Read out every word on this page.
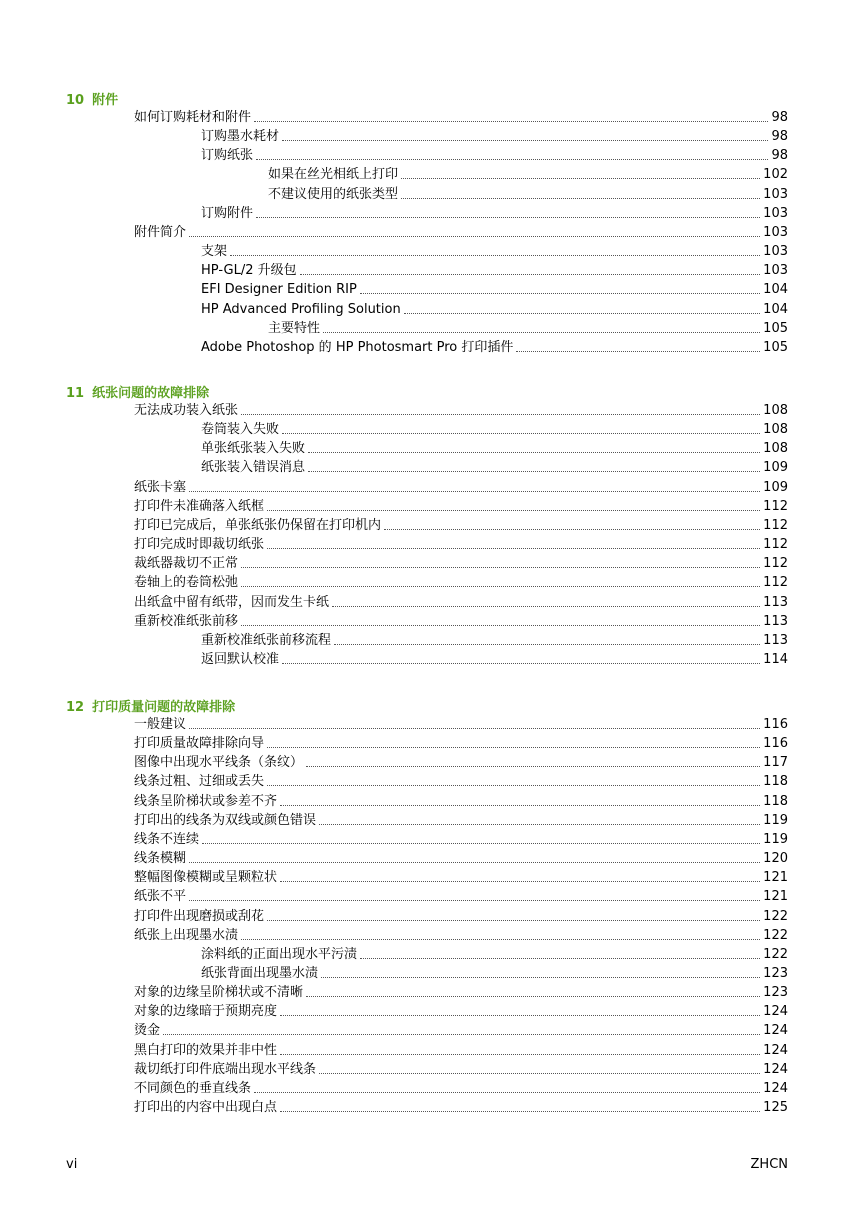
10 附件
如何订购耗材和附件	98
订购墨水耗材	98
订购纸张	98
如果在丝光相纸上打印	102
不建议使用的纸张类型	103
订购附件	103
附件简介	103
支架	103
HP-GL/2 升级包	103
EFI Designer Edition RIP	104
HP Advanced Profiling Solution	104
主要特性	105
Adobe Photoshop 的 HP Photosmart Pro 打印插件	105
11 纸张问题的故障排除
无法成功装入纸张	108
卷筒装入失败	108
单张纸张装入失败	108
纸张装入错误消息	109
纸张卡塞	109
打印件未准确落入纸框	112
打印已完成后，单张纸张仍保留在打印机内	112
打印完成时即裁切纸张	112
裁纸器裁切不正常	112
卷轴上的卷筒松弛	112
出纸盒中留有纸带，因而发生卡纸	113
重新校准纸张前移	113
重新校准纸张前移流程	113
返回默认校准	114
12 打印质量问题的故障排除
一般建议	116
打印质量故障排除向导	116
图像中出现水平线条（条纹）	117
线条过粗、过细或丢失	118
线条呈阶梯状或参差不齐	118
打印出的线条为双线或颜色错误	119
线条不连续	119
线条模糊	120
整幅图像模糊或呈颗粒状	121
纸张不平	121
打印件出现磨损或刮花	122
纸张上出现墨水渍	122
涂料纸的正面出现水平污渍	122
纸张背面出现墨水渍	123
对象的边缘呈阶梯状或不清晰	123
对象的边缘暗于预期亮度	124
烫金	124
黑白打印的效果并非中性	124
裁切纸打印件底端出现水平线条	124
不同颜色的垂直线条	124
打印出的内容中出现白点	125
vi	ZHCN
